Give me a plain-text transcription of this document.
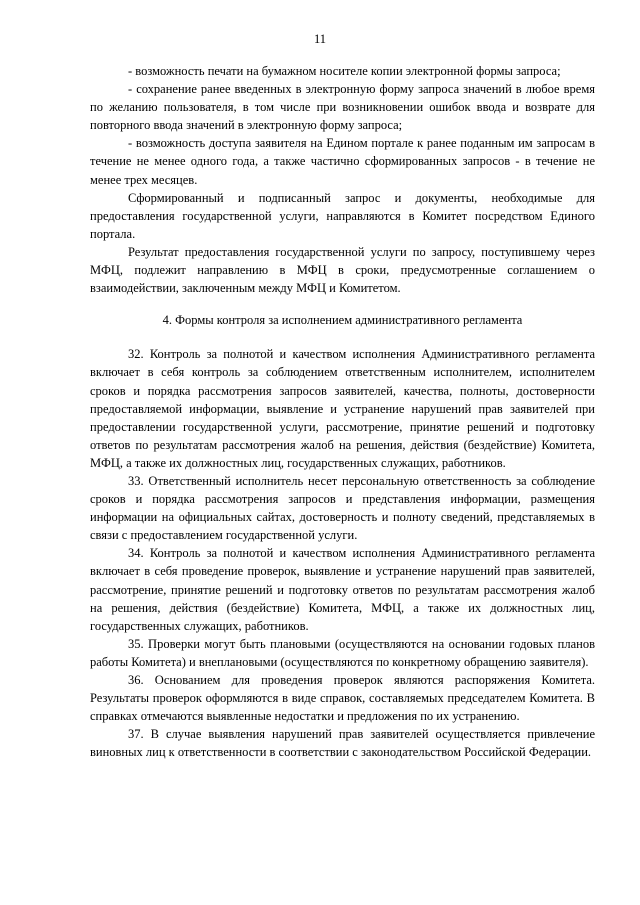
11

- возможность печати на бумажном носителе копии электронной формы запроса;

- сохранение ранее введенных в электронную форму запроса значений в любое время по желанию пользователя, в том числе при возникновении ошибок ввода и возврате для повторного ввода значений в электронную форму запроса;

- возможность доступа заявителя на Едином портале к ранее поданным им запросам в течение не менее одного года, а также частично сформированных запросов - в течение не менее трех месяцев.

Сформированный и подписанный запрос и документы, необходимые для предоставления государственной услуги, направляются в Комитет посредством Единого портала.

Результат предоставления государственной услуги по запросу, поступившему через МФЦ, подлежит направлению в МФЦ в сроки, предусмотренные соглашением о взаимодействии, заключенным между МФЦ и Комитетом.

4. Формы контроля за исполнением административного регламента

32. Контроль за полнотой и качеством исполнения Административного регламента включает в себя контроль за соблюдением ответственным исполнителем, исполнителем сроков и порядка рассмотрения запросов заявителей, качества, полноты, достоверности предоставляемой информации, выявление и устранение нарушений прав заявителей при предоставлении государственной услуги, рассмотрение, принятие решений и подготовку ответов по результатам рассмотрения жалоб на решения, действия (бездействие) Комитета, МФЦ, а также их должностных лиц, государственных служащих, работников.

33. Ответственный исполнитель несет персональную ответственность за соблюдение сроков и порядка рассмотрения запросов и представления информации, размещения информации на официальных сайтах, достоверность и полноту сведений, представляемых в связи с предоставлением государственной услуги.

34. Контроль за полнотой и качеством исполнения Административного регламента включает в себя проведение проверок, выявление и устранение нарушений прав заявителей, рассмотрение, принятие решений и подготовку ответов по результатам рассмотрения жалоб на решения, действия (бездействие) Комитета, МФЦ, а также их должностных лиц, государственных служащих, работников.

35. Проверки могут быть плановыми (осуществляются на основании годовых планов работы Комитета) и внеплановыми (осуществляются по конкретному обращению заявителя).

36. Основанием для проведения проверок являются распоряжения Комитета. Результаты проверок оформляются в виде справок, составляемых председателем Комитета. В справках отмечаются выявленные недостатки и предложения по их устранению.

37. В случае выявления нарушений прав заявителей осуществляется привлечение виновных лиц к ответственности в соответствии с законодательством Российской Федерации.
